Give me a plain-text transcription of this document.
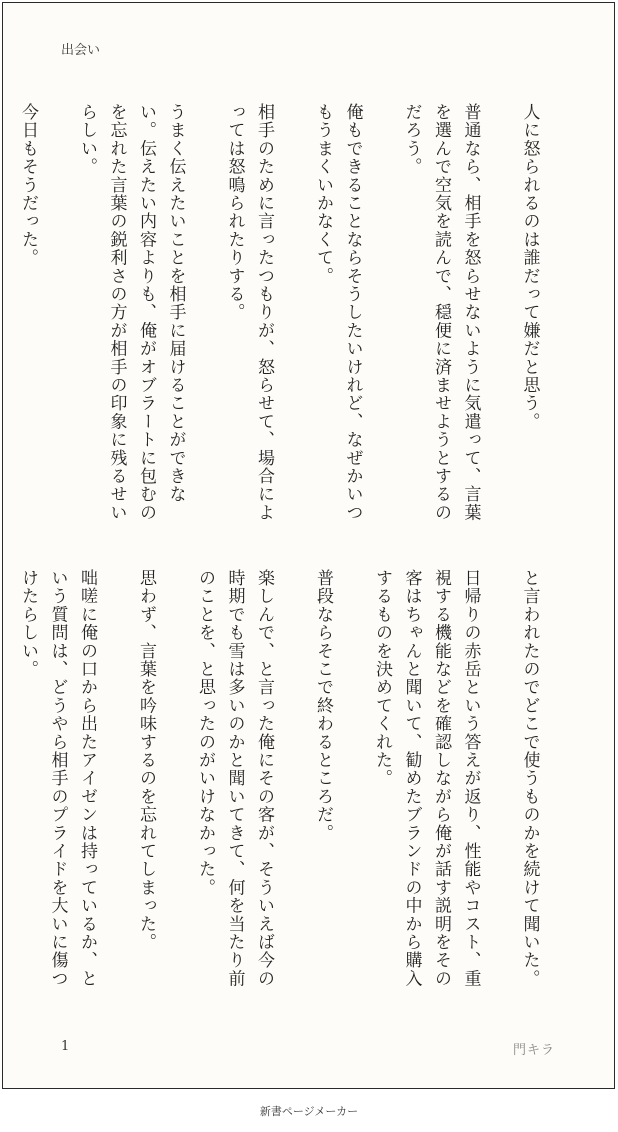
出会い

人に怒られるのは誰だって嫌だと思う。

普通なら、相手を怒らせないように気遣って、言葉を選んで空気を読んで、穏便に済ませようとするのだろう。

俺もできることならそうしたいけれど、なぜかいつもうまくいかなくて。

相手のために言ったつもりが、怒らせて、場合によっては怒鳴られたりする。

うまく伝えたいことを相手に届けることができない。伝えたい内容よりも、俺がオブラートに包むのを忘れた言葉の鋭利さの方が相手の印象に残るせいらしい。

今日もそうだった。

と言われたのでどこで使うものかを続けて聞いた。

日帰りの赤岳という答えが返り、性能やコスト、重視する機能などを確認しながら俺が話す説明をその客はちゃんと聞いて、勧めたブランドの中から購入するものを決めてくれた。

普段ならそこで終わるところだ。

楽しんで、と言った俺にその客が、そういえば今の時期でも雪は多いのかと聞いてきて、何を当たり前のことを、と思ったのがいけなかった。

思わず、言葉を吟味するのを忘れてしまった。

咄嗟に俺の口から出たアイゼンは持っているか、という質問は、どうやら相手のプライドを大いに傷つけたらしい。

1	門キラ
新書ページメーカー
